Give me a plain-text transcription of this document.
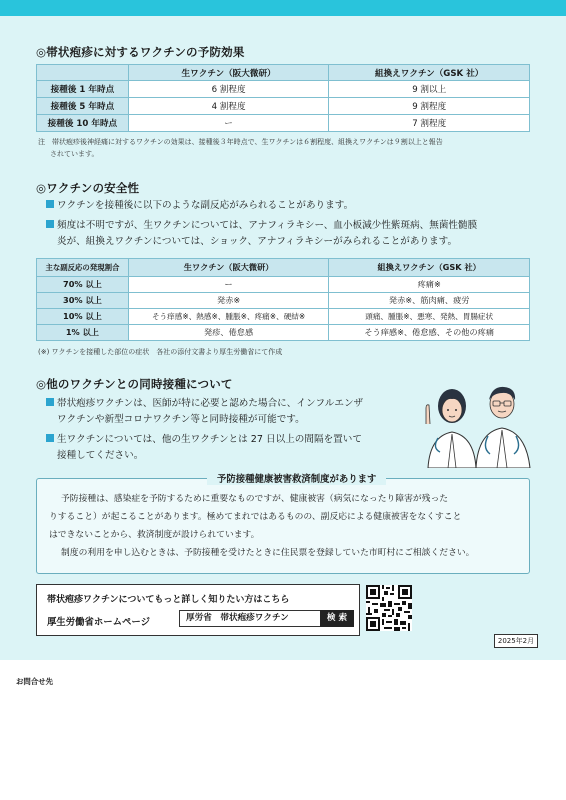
◎帯状疱疹に対するワクチンの予防効果
	生ワクチン（阪大微研）	組換えワクチン（GSK 社）
接種後 1 年時点	6 割程度	9 割以上
接種後 5 年時点	4 割程度	9 割程度
接種後 10 年時点	ー	7 割程度
注　帯状疱疹後神経痛に対するワクチンの効果は、接種後３年時点で、生ワクチンは６割程度、組換えワクチンは９割以上と報告
されています。
◎ワクチンの安全性
ワクチンを接種後に以下のような副反応がみられることがあります。
頻度は不明ですが、生ワクチンについては、アナフィラキシー、血小板減少性紫斑病、無菌性髄膜
炎が、組換えワクチンについては、ショック、アナフィラキシーがみられることがあります。
主な副反応の発現割合	生ワクチン（阪大微研）	組換えワクチン（GSK 社）
70% 以上	ー	疼痛※
30% 以上	発赤※	発赤※、筋肉痛、疲労
10% 以上	そう痒感※、熱感※、腫脹※、疼痛※、硬結※	頭痛、腫脹※、悪寒、発熱、胃腸症状
1% 以上	発疹、倦怠感	そう痒感※、倦怠感、その他の疼痛
(※) ワクチンを接種した部位の症状　各社の添付文書より厚生労働省にて作成
◎他のワクチンとの同時接種について
帯状疱疹ワクチンは、医師が特に必要と認めた場合に、インフルエンザ
ワクチンや新型コロナワクチン等と同時接種が可能です。
生ワクチンについては、他の生ワクチンとは 27 日以上の間隔を置いて
接種してください。
予防接種健康被害救済制度があります

予防接種は、感染症を予防するために重要なものですが、健康被害（病気になったり障害が残った

りすること）が起こることがあります。極めてまれではあるものの、副反応による健康被害をなくすこと

はできないことから、救済制度が設けられています。

制度の利用を申し込むときは、予防接種を受けたときに住民票を登録していた市町村にご相談ください。

帯状疱疹ワクチンについてもっと詳しく知りたい方はこちら
厚生労働省ホームページ	厚労省　帯状疱疹ワクチン	検 索
2025年2月
お問合せ先
